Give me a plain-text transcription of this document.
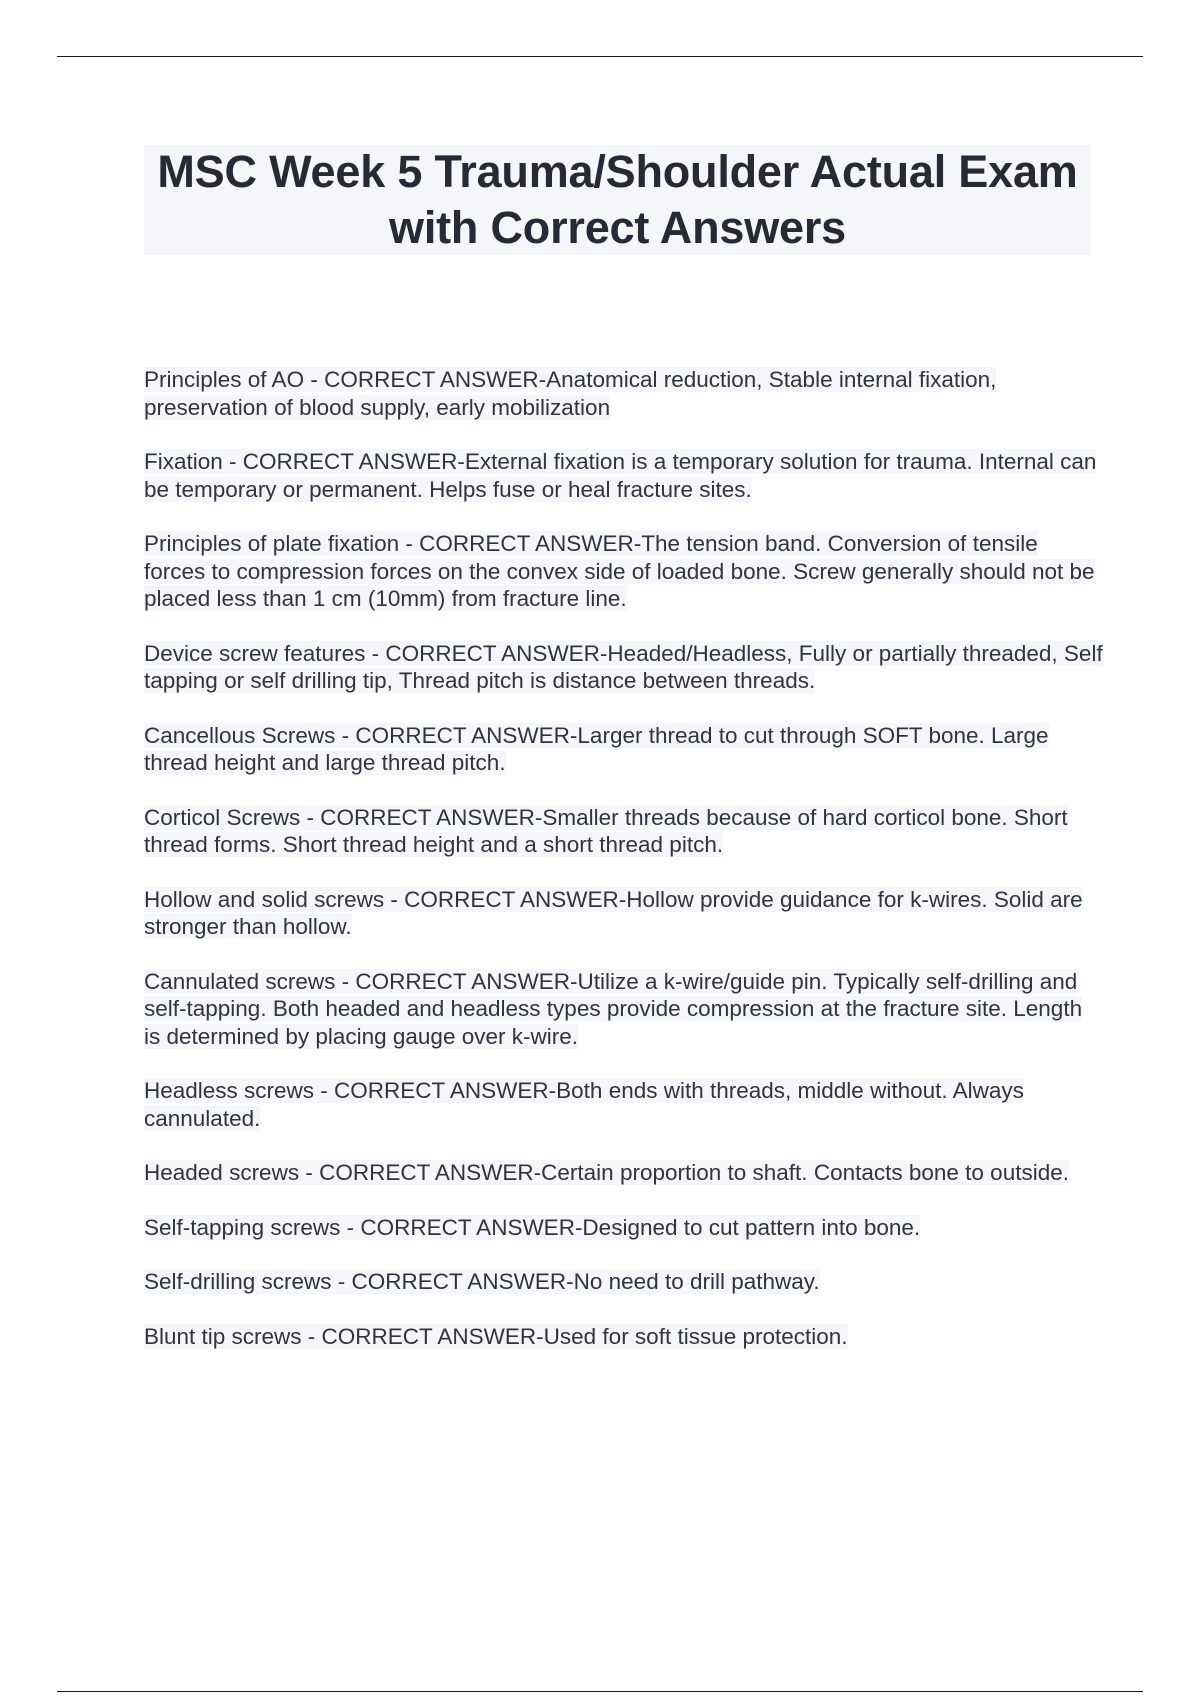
MSC Week 5 Trauma/Shoulder Actual Exam with Correct Answers
Principles of AO - CORRECT ANSWER-Anatomical reduction, Stable internal fixation, preservation of blood supply, early mobilization
Fixation - CORRECT ANSWER-External fixation is a temporary solution for trauma. Internal can be temporary or permanent. Helps fuse or heal fracture sites.
Principles of plate fixation - CORRECT ANSWER-The tension band. Conversion of tensile forces to compression forces on the convex side of loaded bone. Screw generally should not be placed less than 1 cm (10mm) from fracture line.
Device screw features - CORRECT ANSWER-Headed/Headless, Fully or partially threaded, Self tapping or self drilling tip, Thread pitch is distance between threads.
Cancellous Screws - CORRECT ANSWER-Larger thread to cut through SOFT bone. Large thread height and large thread pitch.
Corticol Screws - CORRECT ANSWER-Smaller threads because of hard corticol bone. Short thread forms. Short thread height and a short thread pitch.
Hollow and solid screws - CORRECT ANSWER-Hollow provide guidance for k-wires. Solid are stronger than hollow.
Cannulated screws - CORRECT ANSWER-Utilize a k-wire/guide pin. Typically self-drilling and self-tapping. Both headed and headless types provide compression at the fracture site. Length is determined by placing gauge over k-wire.
Headless screws - CORRECT ANSWER-Both ends with threads, middle without. Always cannulated.
Headed screws - CORRECT ANSWER-Certain proportion to shaft. Contacts bone to outside.
Self-tapping screws - CORRECT ANSWER-Designed to cut pattern into bone.
Self-drilling screws - CORRECT ANSWER-No need to drill pathway.
Blunt tip screws - CORRECT ANSWER-Used for soft tissue protection.
